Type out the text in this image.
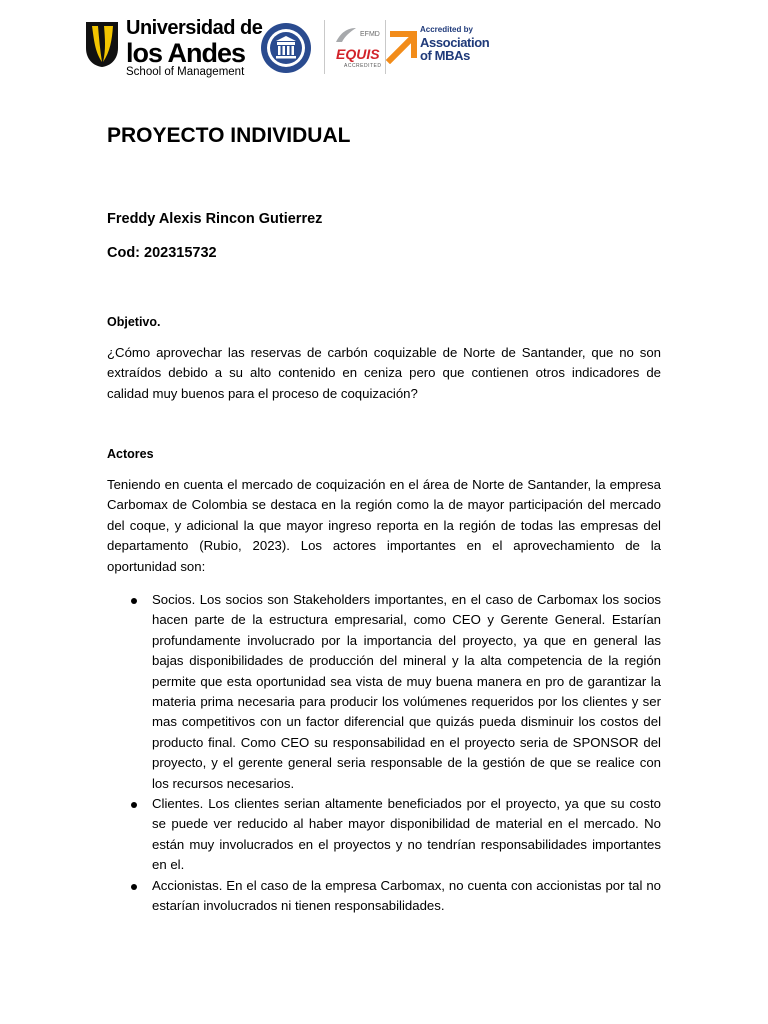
Universidad de
los Andes
School of Management
EFMD
EQUIS
ACCREDITED
Accredited by
Association
of MBAs
PROYECTO INDIVIDUAL
Freddy Alexis Rincon Gutierrez
Cod: 202315732
Objetivo.

¿Cómo aprovechar las reservas de carbón coquizable de Norte de Santander, que no son extraídos debido a su alto contenido en ceniza pero que contienen otros indicadores de calidad muy buenos para el proceso de coquización?

Actores

Teniendo en cuenta el mercado de coquización en el área de Norte de Santander, la empresa Carbomax de Colombia se destaca en la región como la de mayor participación del mercado del coque, y adicional la que mayor ingreso reporta en la región de todas las empresas del departamento (Rubio, 2023). Los actores importantes en el aprovechamiento de la oportunidad son:

Socios. Los socios son Stakeholders importantes, en el caso de Carbomax los socios hacen parte de la estructura empresarial, como CEO y Gerente General. Estarían profundamente involucrado por la importancia del proyecto, ya que en general las bajas disponibilidades de producción del mineral y la alta competencia de la región permite que esta oportunidad sea vista de muy buena manera en pro de garantizar la materia prima necesaria para producir los volúmenes requeridos por los clientes y ser mas competitivos con un factor diferencial que quizás pueda disminuir los costos del producto final. Como CEO su responsabilidad en el proyecto seria de SPONSOR del proyecto, y el gerente general seria responsable de la gestión de que se realice con los recursos necesarios.
Clientes. Los clientes serian altamente beneficiados por el proyecto, ya que su costo se puede ver reducido al haber mayor disponibilidad de material en el mercado. No están muy involucrados en el proyectos y no tendrían responsabilidades importantes en el.
Accionistas. En el caso de la empresa Carbomax, no cuenta con accionistas por tal no estarían involucrados ni tienen responsabilidades.
